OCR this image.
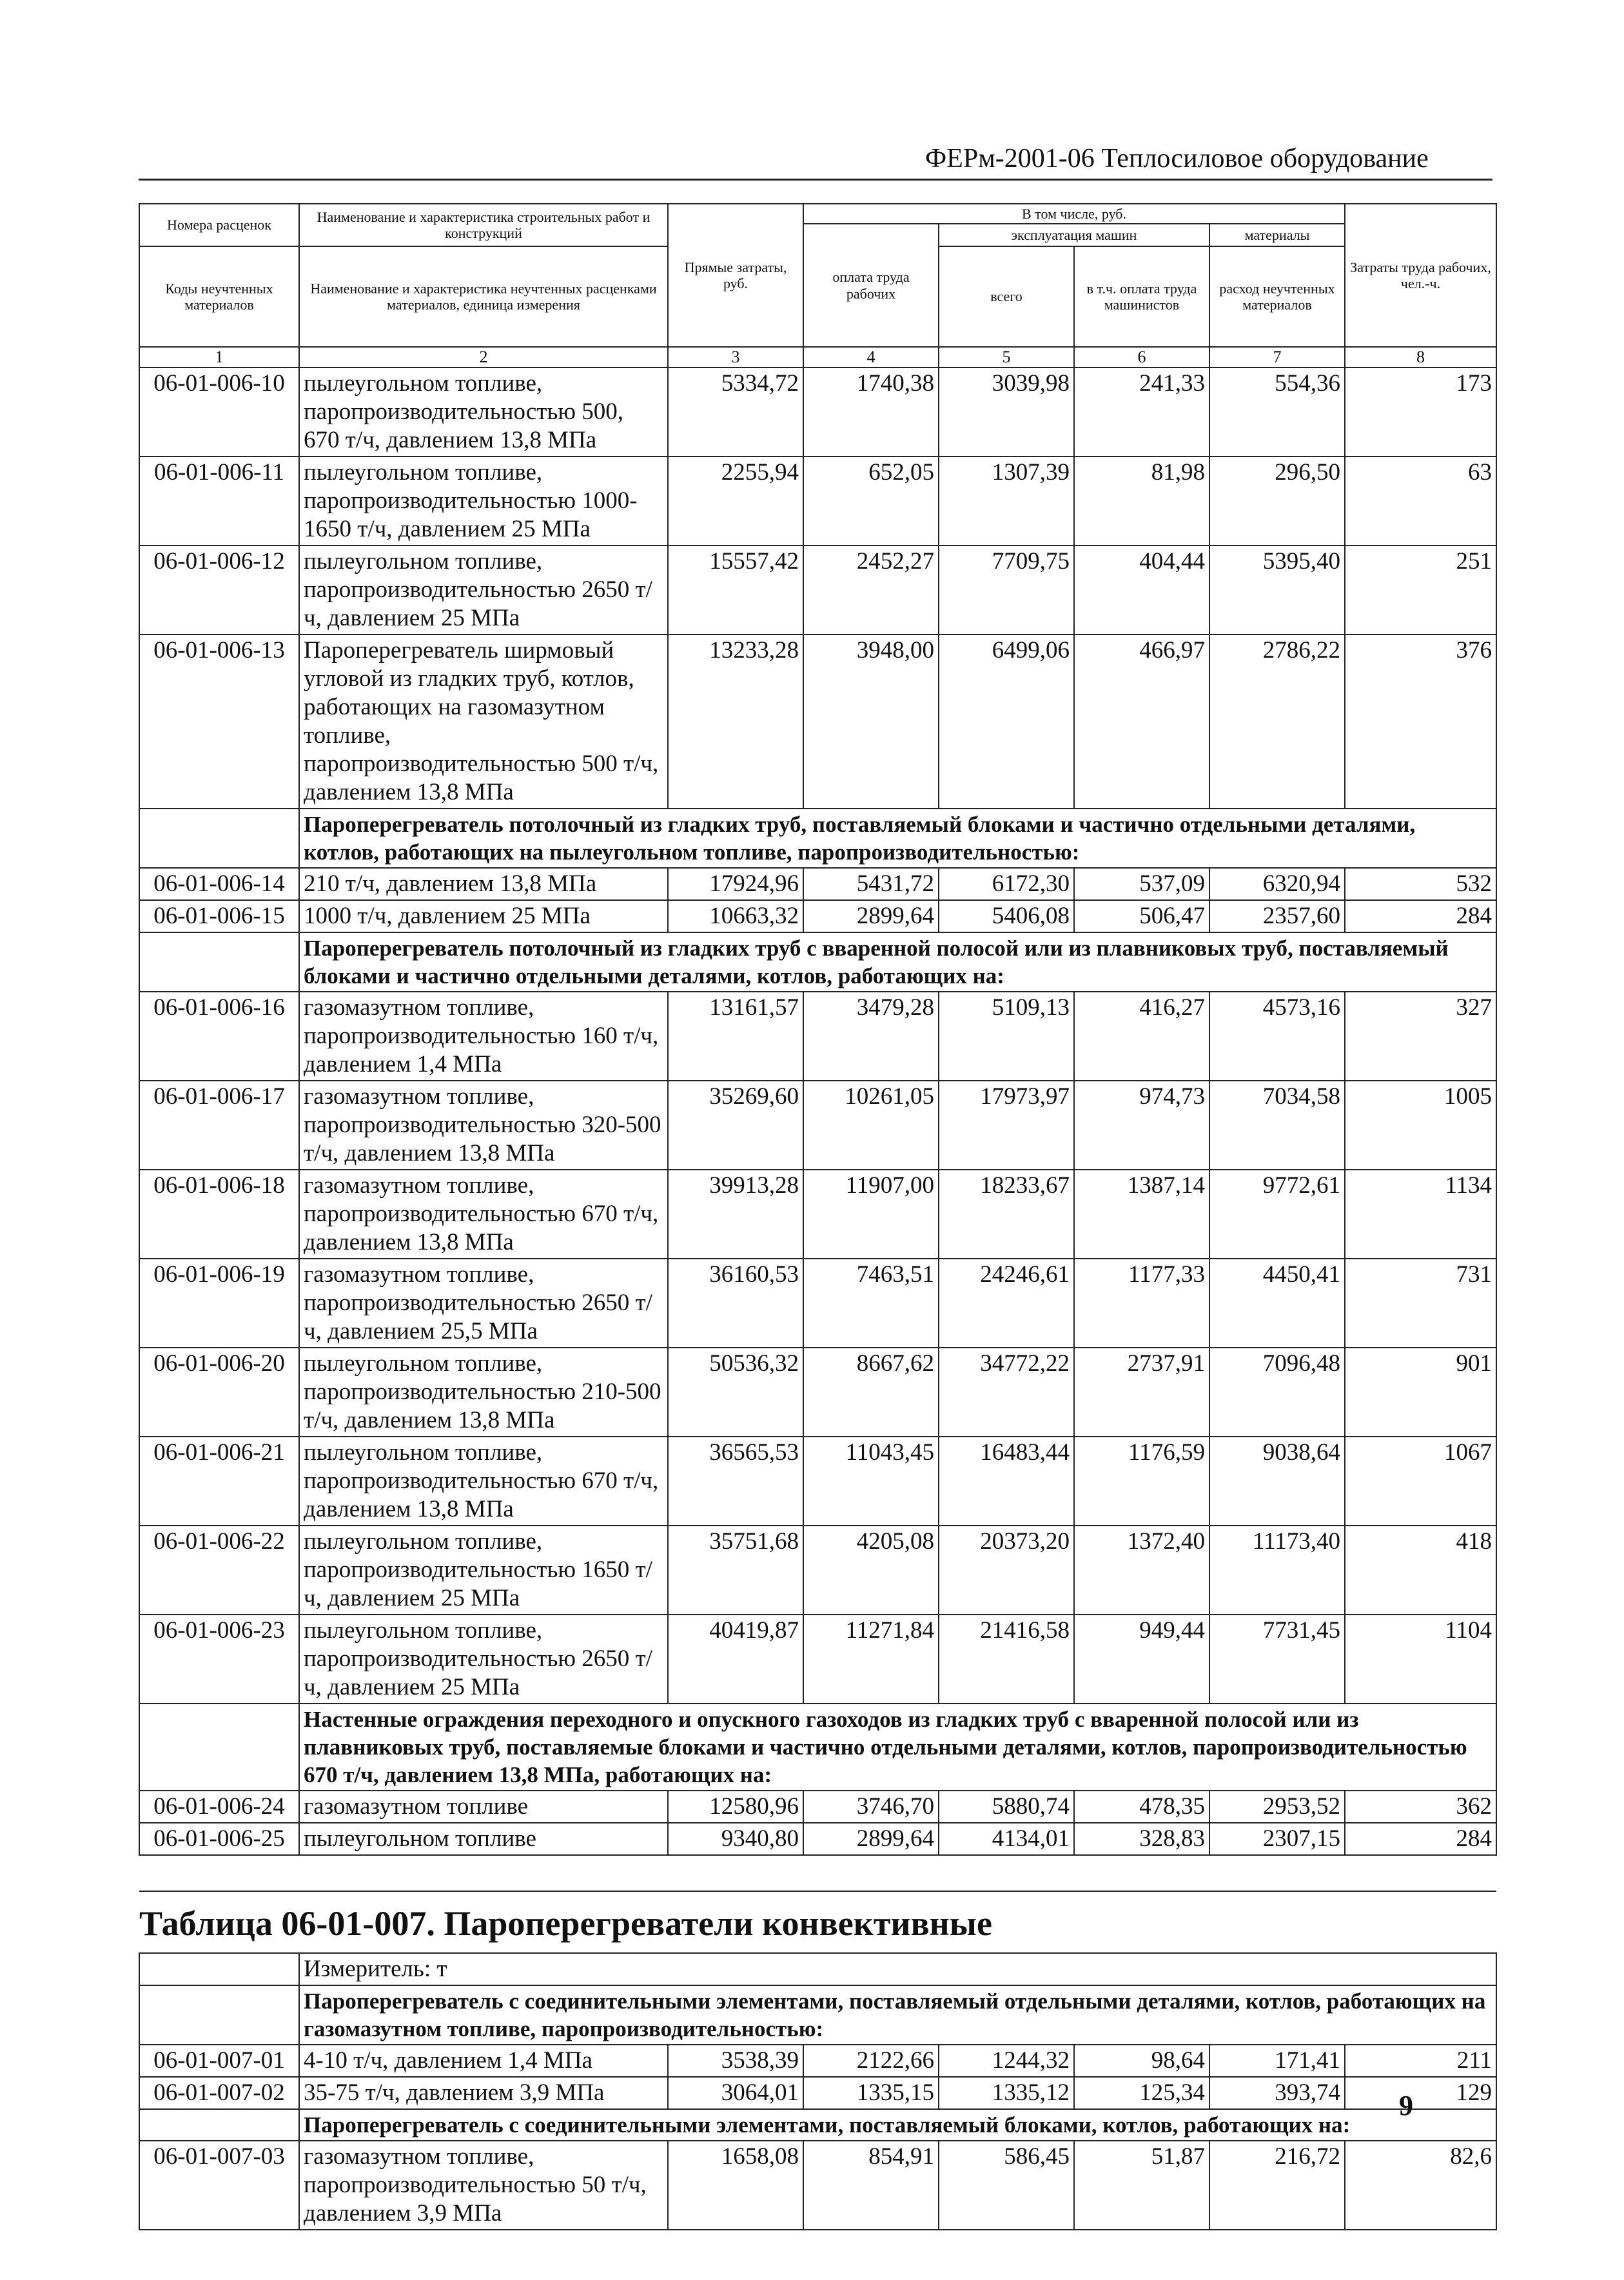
ФЕРм-2001-06 Теплосиловое оборудование
Номера расценок	Наименование и характеристика строительных работ и конструкций	Прямые затраты, руб.	В том числе, руб.				Затраты труда рабочих, чел.-ч.
			оплата труда рабочих	эксплуатация машин		материалы	
Коды неучтенных материалов	Наименование и характеристика неучтенных расценками материалов, единица измерения			всего	в т.ч. оплата труда машинистов	расход неучтенных материалов	

1	2	3	4	5	6	7	8
06-01-006-10	пылеугольном топливе, паропроизводительностью 500, 670 т/ч, давлением 13,8 МПа	5334,72	1740,38	3039,98	241,33	554,36	173
06-01-006-11	пылеугольном топливе, паропроизводительностью 1000-1650 т/ч, давлением 25 МПа	2255,94	652,05	1307,39	81,98	296,50	63
06-01-006-12	пылеугольном топливе, паропроизводительностью 2650 т/ч, давлением 25 МПа	15557,42	2452,27	7709,75	404,44	5395,40	251
06-01-006-13	Пароперегреватель ширмовый угловой из гладких труб, котлов, работающих на газомазутном топливе, паропроизводительностью 500 т/ч, давлением 13,8 МПа	13233,28	3948,00	6499,06	466,97	2786,22	376
	Пароперегреватель потолочный из гладких труб, поставляемый блоками и частично отдельными деталями, котлов, работающих на пылеугольном топливе, паропроизводительностью:						
06-01-006-14	210 т/ч, давлением 13,8 МПа	17924,96	5431,72	6172,30	537,09	6320,94	532
06-01-006-15	1000 т/ч, давлением 25 МПа	10663,32	2899,64	5406,08	506,47	2357,60	284
	Пароперегреватель потолочный из гладких труб с вваренной полосой или из плавниковых труб, поставляемый блоками и частично отдельными деталями, котлов, работающих на:						
06-01-006-16	газомазутном топливе, паропроизводительностью 160 т/ч, давлением 1,4 МПа	13161,57	3479,28	5109,13	416,27	4573,16	327
06-01-006-17	газомазутном топливе, паропроизводительностью 320-500 т/ч, давлением 13,8 МПа	35269,60	10261,05	17973,97	974,73	7034,58	1005
06-01-006-18	газомазутном топливе, паропроизводительностью 670 т/ч, давлением 13,8 МПа	39913,28	11907,00	18233,67	1387,14	9772,61	1134
06-01-006-19	газомазутном топливе, паропроизводительностью 2650 т/ч, давлением 25,5 МПа	36160,53	7463,51	24246,61	1177,33	4450,41	731
06-01-006-20	пылеугольном топливе, паропроизводительностью 210-500 т/ч, давлением 13,8 МПа	50536,32	8667,62	34772,22	2737,91	7096,48	901
06-01-006-21	пылеугольном топливе, паропроизводительностью 670 т/ч, давлением 13,8 МПа	36565,53	11043,45	16483,44	1176,59	9038,64	1067
06-01-006-22	пылеугольном топливе, паропроизводительностью 1650 т/ч, давлением 25 МПа	35751,68	4205,08	20373,20	1372,40	11173,40	418
06-01-006-23	пылеугольном топливе, паропроизводительностью 2650 т/ч, давлением 25 МПа	40419,87	11271,84	21416,58	949,44	7731,45	1104
	Настенные ограждения переходного и опускного газоходов из гладких труб с вваренной полосой или из плавниковых труб, поставляемые блоками и частично отдельными деталями, котлов, паропроизводительностью 670 т/ч, давлением 13,8 МПа, работающих на:						
06-01-006-24	газомазутном топливе	12580,96	3746,70	5880,74	478,35	2953,52	362
06-01-006-25	пылеугольном топливе	9340,80	2899,64	4134,01	328,83	2307,15	284

Таблица 06-01-007. Пароперегреватели конвективные							
	Измеритель: т						
	Пароперегреватель с соединительными элементами, поставляемый отдельными деталями, котлов, работающих на газомазутном топливе, паропроизводительностью:						
06-01-007-01	4-10 т/ч, давлением 1,4 МПа	3538,39	2122,66	1244,32	98,64	171,41	211
06-01-007-02	35-75 т/ч, давлением 3,9 МПа	3064,01	1335,15	1335,12	125,34	393,74	129
	Пароперегреватель с соединительными элементами, поставляемый блоками, котлов, работающих на:						
06-01-007-03	газомазутном топливе, паропроизводительностью 50 т/ч, давлением 3,9 МПа	1658,08	854,91	586,45	51,87	216,72	82,6
9
